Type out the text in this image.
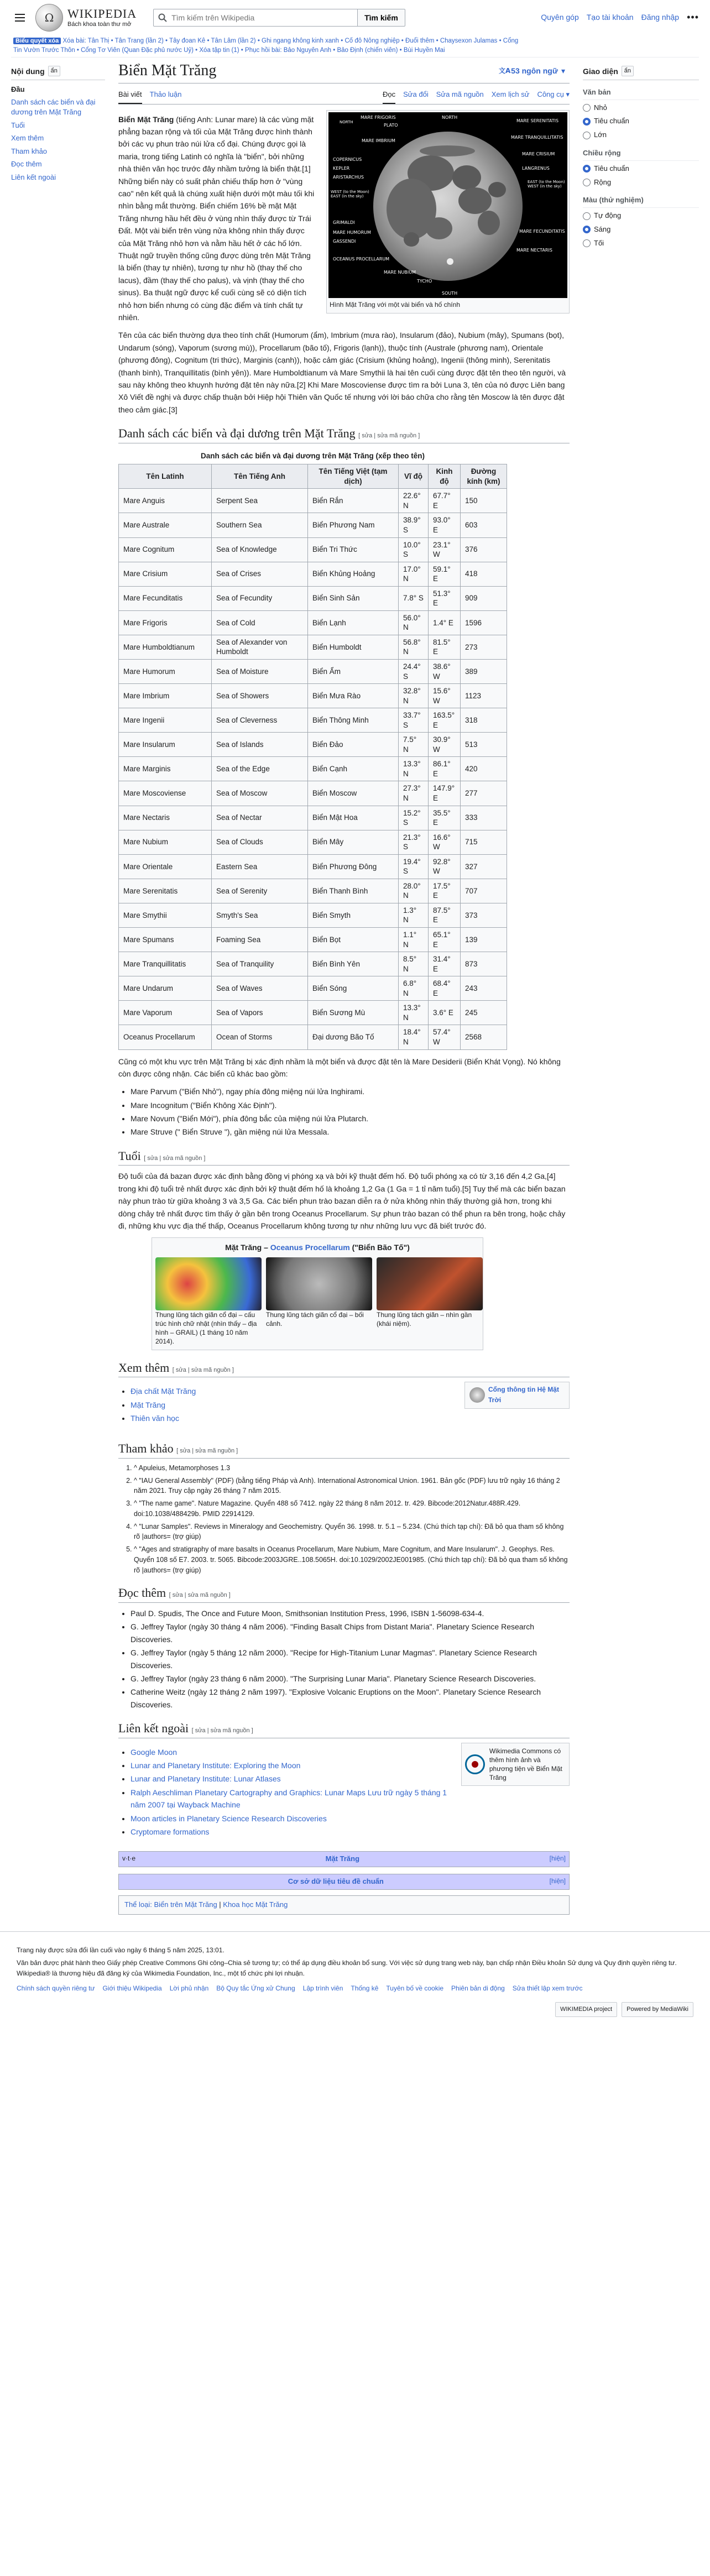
Ω	WIKIPEDIA
Bách khoa toàn thư mở
Tìm kiếm trên Wikipedia
Tìm kiếm	Quyên góp Tạo tài khoản Đăng nhập •••
Biểu quyết xóa Xóa bài: Tân Thị • Tân Trang (lần 2) • Tây đoan Kê • Tân Lâm (lần 2) • Ghi ngang không kinh xanh • Cố đô Nông nghiệp • Đuổi thêm • Chaysexon Julamas • Cổng
Tin Vườn Trước Thôn • Cổng Tơ Viên (Quan Đặc phủ nước Uỷ) • Xóa tập tin (1) • Phục hồi bài: Bảo Nguyên Anh • Bảo Định (chiến viên) • Bùi Huyền Mai
Nội dung	ẩn
Đầu
Danh sách các biển và đại dương trên Mặt Trăng
Tuổi
Xem thêm
Tham khảo
Đọc thêm
Liên kết ngoài
Biển Mặt Trăng	文A 53 ngôn ngữ ▾
Bài viết Thảo luận	Đọc Sửa đổi Sửa mã nguồn Xem lịch sử Công cụ ▾
NORTH
MARE FRIGORIS
PLATO
MARE IMBRIUM
COPERNICUS
KEPLER
ARISTARCHUS
WEST (to the Moon) EAST (in the sky)
GRIMALDI
MARE HUMORUM
GASSENDI
OCEANUS PROCELLARUM
TYCHO
MARE NUBIUM
NORTH
SOUTH
MARE SERENITATIS
MARE TRANQUILLITATIS
MARE CRISIUM
LANGRENUS
EAST (to the Moon) WEST (in the sky)
MARE FECUNDITATIS
MARE NECTARIS
Hình Mặt Trăng với một vài biển và hố chính

Biển Mặt Trăng (tiếng Anh: Lunar mare) là các vùng mặt phẳng bazan rộng và tối của Mặt Trăng được hình thành bởi các vụ phun trào núi lửa cổ đại. Chúng được gọi là maria, trong tiếng Latinh có nghĩa là "biển", bởi những nhà thiên văn học trước đây nhầm tưởng là biển thật.[1] Những biển này có suất phản chiếu thấp hơn ở "vùng cao" nên kết quả là chúng xuất hiện dưới một màu tối khi nhìn bằng mắt thường. Biển chiếm 16% bề mặt Mặt Trăng nhưng hầu hết đều ở vùng nhìn thấy được từ Trái Đất. Một vài biển trên vùng nửa không nhìn thấy được của Mặt Trăng nhỏ hơn và nằm hầu hết ở các hố lớn. Thuật ngữ truyền thống cũng được dùng trên Mặt Trăng là biển (thay tự nhiên), tương tự như hồ (thay thế cho lacus), đầm (thay thế cho palus), và vịnh (thay thế cho sinus). Ba thuật ngữ được kể cuối cùng sẽ có diện tích nhỏ hơn biển nhưng có cùng đặc điểm và tính chất tự nhiên.

Tên của các biển thường dựa theo tính chất (Humorum (ẩm), Imbrium (mưa rào), Insularum (đảo), Nubium (mây), Spumans (bọt), Undarum (sóng), Vaporum (sương mù)), Procellarum (bão tố), Frigoris (lạnh)), thuộc tính (Australe (phương nam), Orientale (phương đông), Cognitum (tri thức), Marginis (cạnh)), hoặc cảm giác (Crisium (khủng hoảng), Ingenii (thông minh), Serenitatis (thanh bình), Tranquillitatis (bình yên)). Mare Humboldtianum và Mare Smythii là hai tên cuối cùng được đặt tên theo tên người, và sau này không theo khuynh hướng đặt tên này nữa.[2] Khi Mare Moscoviense được tìm ra bởi Luna 3, tên của nó được Liên bang Xô Viết đề nghị và được chấp thuận bởi Hiệp hội Thiên văn Quốc tế nhưng với lời báo chữa cho rằng tên Moscow là tên được đặt theo cảm giác.[3]

Danh sách các biển và đại dương trên Mặt Trăng [ sửa | sửa mã nguồn ]
Danh sách các biển và đại dương trên Mặt Trăng (xếp theo tên)
Tên Latinh	Tên Tiếng Anh	Tên Tiếng Việt (tạm dịch)	Vĩ độ	Kinh độ	Đường kính (km)
Mare Anguis	Serpent Sea	Biển Rắn	22.6° N	67.7° E	150
Mare Australe	Southern Sea	Biển Phương Nam	38.9° S	93.0° E	603
Mare Cognitum	Sea of Knowledge	Biển Tri Thức	10.0° S	23.1° W	376
Mare Crisium	Sea of Crises	Biển Khủng Hoảng	17.0° N	59.1° E	418
Mare Fecunditatis	Sea of Fecundity	Biển Sinh Sản	7.8° S	51.3° E	909
Mare Frigoris	Sea of Cold	Biển Lạnh	56.0° N	1.4° E	1596
Mare Humboldtianum	Sea of Alexander von Humboldt	Biển Humboldt	56.8° N	81.5° E	273
Mare Humorum	Sea of Moisture	Biển Ẩm	24.4° S	38.6° W	389
Mare Imbrium	Sea of Showers	Biển Mưa Rào	32.8° N	15.6° W	1123
Mare Ingenii	Sea of Cleverness	Biển Thông Minh	33.7° S	163.5° E	318
Mare Insularum	Sea of Islands	Biển Đảo	7.5° N	30.9° W	513
Mare Marginis	Sea of the Edge	Biển Cạnh	13.3° N	86.1° E	420
Mare Moscoviense	Sea of Moscow	Biển Moscow	27.3° N	147.9° E	277
Mare Nectaris	Sea of Nectar	Biển Mật Hoa	15.2° S	35.5° E	333
Mare Nubium	Sea of Clouds	Biển Mây	21.3° S	16.6° W	715
Mare Orientale	Eastern Sea	Biển Phương Đông	19.4° S	92.8° W	327
Mare Serenitatis	Sea of Serenity	Biển Thanh Bình	28.0° N	17.5° E	707
Mare Smythii	Smyth's Sea	Biển Smyth	1.3° N	87.5° E	373
Mare Spumans	Foaming Sea	Biển Bọt	1.1° N	65.1° E	139
Mare Tranquillitatis	Sea of Tranquility	Biển Bình Yên	8.5° N	31.4° E	873
Mare Undarum	Sea of Waves	Biển Sóng	6.8° N	68.4° E	243
Mare Vaporum	Sea of Vapors	Biển Sương Mù	13.3° N	3.6° E	245
Oceanus Procellarum	Ocean of Storms	Đại dương Bão Tố	18.4° N	57.4° W	2568

Cũng có một khu vực trên Mặt Trăng bị xác định nhầm là một biển và được đặt tên là Mare Desiderii (Biển Khát Vọng). Nó không còn được công nhận. Các biển cũ khác bao gồm:

• Mare Parvum ("Biển Nhỏ"), ngay phía đông miệng núi lửa Inghirami.
• Mare Incognitum ("Biển Không Xác Định").
• Mare Novum ("Biển Mới"), phía đông bắc của miệng núi lửa Plutarch.
• Mare Struve (" Biển Struve "), gần miệng núi lửa Messala.
Tuổi [ sửa | sửa mã nguồn ]

Độ tuổi của đá bazan được xác định bằng đồng vị phóng xạ và bởi kỹ thuật đếm hố. Độ tuổi phóng xạ có từ 3,16 đến 4,2 Ga,[4] trong khi độ tuổi trẻ nhất được xác định bởi kỹ thuật đếm hố là khoảng 1,2 Ga (1 Ga = 1 tỉ năm tuổi).[5] Tuy thế mà các biển bazan này phun trào từ giữa khoảng 3 và 3,5 Ga. Các biển phun trào bazan diễn ra ở nửa không nhìn thấy thường giả hơn, trong khi dòng chảy trẻ nhất được tìm thấy ở gần bên trong Oceanus Procellarum. Sự phun trào bazan có thể phun ra bên trong, hoặc chảy đi, những khu vực địa thế thấp, Oceanus Procellarum không tương tự như những lưu vực đã biết trước đó.

Mặt Trăng – Oceanus Procellarum ("Biển Bão Tố")
Thung lũng tách giãn cổ đại – cấu trúc hình chữ nhật (nhìn thấy – địa hình – GRAIL) (1 tháng 10 năm 2014).
Thung lũng tách giãn cổ đại – bối cảnh.
Thung lũng tách giãn – nhìn gần (khái niệm).
Xem thêm [ sửa | sửa mã nguồn ]
• Địa chất Mặt Trăng
• Mặt Trăng
• Thiên văn học
Cổng thông tin Hệ Mặt Trời
Tham khảo [ sửa | sửa mã nguồn ]
1. ^ Apuleius, Metamorphoses 1.3
2. ^ "IAU General Assembly" (PDF) (bằng tiếng Pháp và Anh). International Astronomical Union. 1961. Bản gốc (PDF) lưu trữ ngày 16 tháng 2 năm 2021. Truy cập ngày 26 tháng 7 năm 2015.
3. ^ "The name game". Nature Magazine. Quyển 488 số 7412. ngày 22 tháng 8 năm 2012. tr. 429. Bibcode:2012Natur.488R.429. doi:10.1038/488429b. PMID 22914129.
4. ^ "Lunar Samples". Reviews in Mineralogy and Geochemistry. Quyển 36. 1998. tr. 5.1 – 5.234. (Chú thích tạp chí): Đã bỏ qua tham số không rõ |authors= (trợ giúp)
5. ^ "Ages and stratigraphy of mare basalts in Oceanus Procellarum, Mare Nubium, Mare Cognitum, and Mare Insularum". J. Geophys. Res. Quyển 108 số E7. 2003. tr. 5065. Bibcode:2003JGRE..108.5065H. doi:10.1029/2002JE001985. (Chú thích tạp chí): Đã bỏ qua tham số không rõ |authors= (trợ giúp)
Đọc thêm [ sửa | sửa mã nguồn ]
• Paul D. Spudis, The Once and Future Moon, Smithsonian Institution Press, 1996, ISBN 1-56098-634-4.
• G. Jeffrey Taylor (ngày 30 tháng 4 năm 2006). "Finding Basalt Chips from Distant Maria". Planetary Science Research Discoveries.
• G. Jeffrey Taylor (ngày 5 tháng 12 năm 2000). "Recipe for High-Titanium Lunar Magmas". Planetary Science Research Discoveries.
• G. Jeffrey Taylor (ngày 23 tháng 6 năm 2000). "The Surprising Lunar Maria". Planetary Science Research Discoveries.
• Catherine Weitz (ngày 12 tháng 2 năm 1997). "Explosive Volcanic Eruptions on the Moon". Planetary Science Research Discoveries.
Liên kết ngoài [ sửa | sửa mã nguồn ]
• Google Moon
• Lunar and Planetary Institute: Exploring the Moon
• Lunar and Planetary Institute: Lunar Atlases
• Ralph Aeschliman Planetary Cartography and Graphics: Lunar Maps Lưu trữ ngày 5 tháng 1 năm 2007 tại Wayback Machine
• Moon articles in Planetary Science Research Discoveries
• Cryptomare formations
Wikimedia Commons có thêm hình ảnh và phương tiện về Biển Mặt Trăng
v·t·e	Mặt Trăng	[hiện]
Cơ sở dữ liệu tiêu đề chuẩn	[hiện]
Thể loại: Biển trên Mặt Trăng | Khoa học Mặt Trăng
Giao diện	ẩn
Văn bản
Nhỏ
Tiêu chuẩn
Lớn
Chiều rộng
Tiêu chuẩn
Rộng
Màu (thử nghiệm)
Tự động
Sáng
Tối

Trang này được sửa đổi lần cuối vào ngày 6 tháng 5 năm 2025, 13:01.

Văn bản được phát hành theo Giấy phép Creative Commons Ghi công–Chia sẻ tương tự; có thể áp dụng điều khoản bổ sung. Với việc sử dụng trang web này, bạn chấp nhận Điều khoản Sử dụng và Quy định quyền riêng tư. Wikipedia® là thương hiệu đã đăng ký của Wikimedia Foundation, Inc., một tổ chức phi lợi nhuận.

Chính sách quyền riêng tư Giới thiệu Wikipedia Lời phủ nhận Bộ Quy tắc Ứng xử Chung Lập trình viên Thống kê Tuyên bố về cookie Phiên bản di động Sửa thiết lập xem trước
WIKIMEDIA project	Powered by MediaWiki
